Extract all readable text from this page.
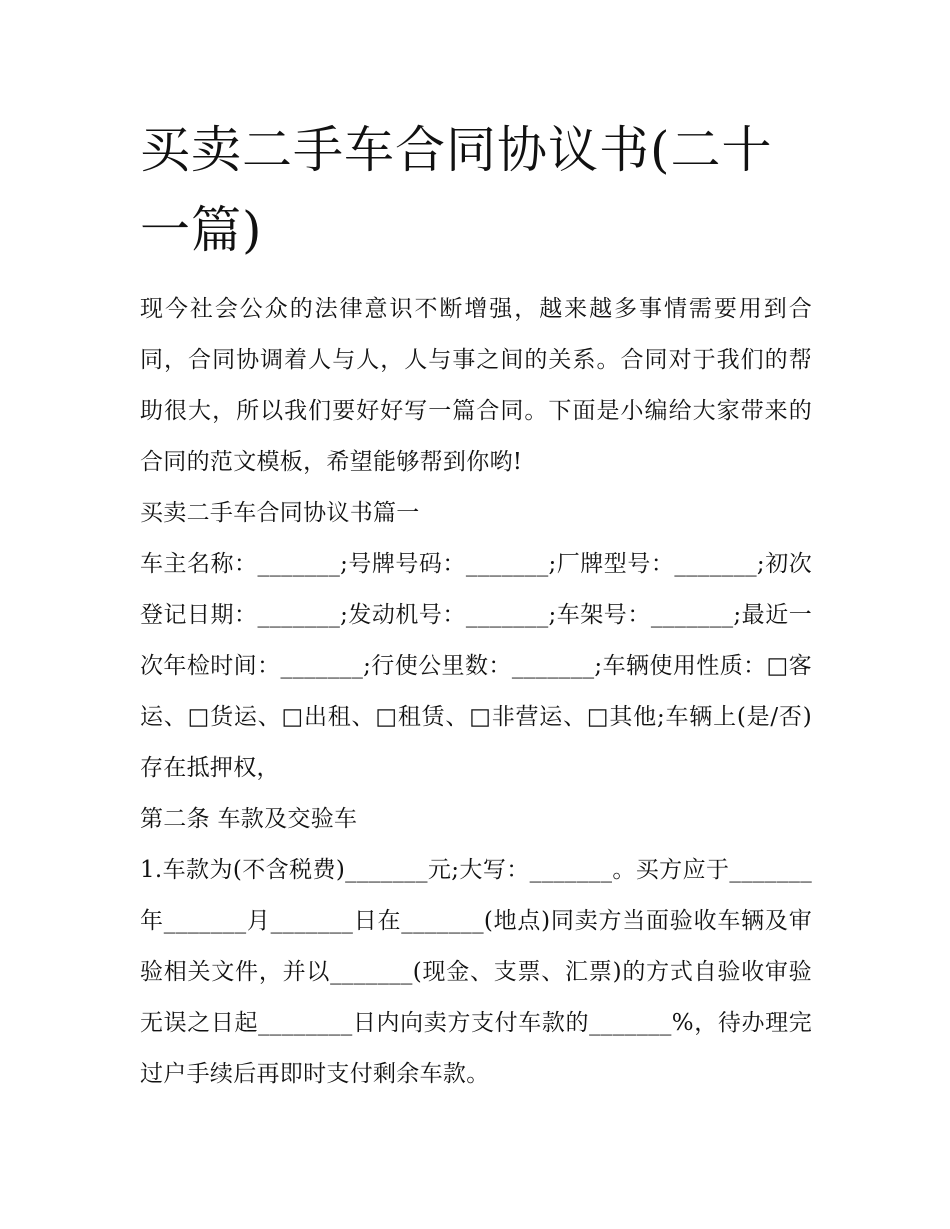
买卖二手车合同协议书(二十一篇)

现今社会公众的法律意识不断增强，越来越多事情需要用到合同，合同协调着人与人，人与事之间的关系。合同对于我们的帮助很大，所以我们要好好写一篇合同。下面是小编给大家带来的合同的范文模板，希望能够帮到你哟!

买卖二手车合同协议书篇一

车主名称：_______;号牌号码：_______;厂牌型号：_______;初次登记日期：_______;发动机号：_______;车架号：_______;最近一次年检时间：_______;行使公里数：_______;车辆使用性质：□客运、□货运、□出租、□租赁、□非营运、□其他;车辆上(是/否)存在抵押权，

第二条 车款及交验车

1.车款为(不含税费)_______元;大写：_______。买方应于_______年_______月_______日在_______(地点)同卖方当面验收车辆及审验相关文件，并以_______(现金、支票、汇票)的方式自验收审验无误之日起________日内向卖方支付车款的_______%，待办理完过户手续后再即时支付剩余车款。
